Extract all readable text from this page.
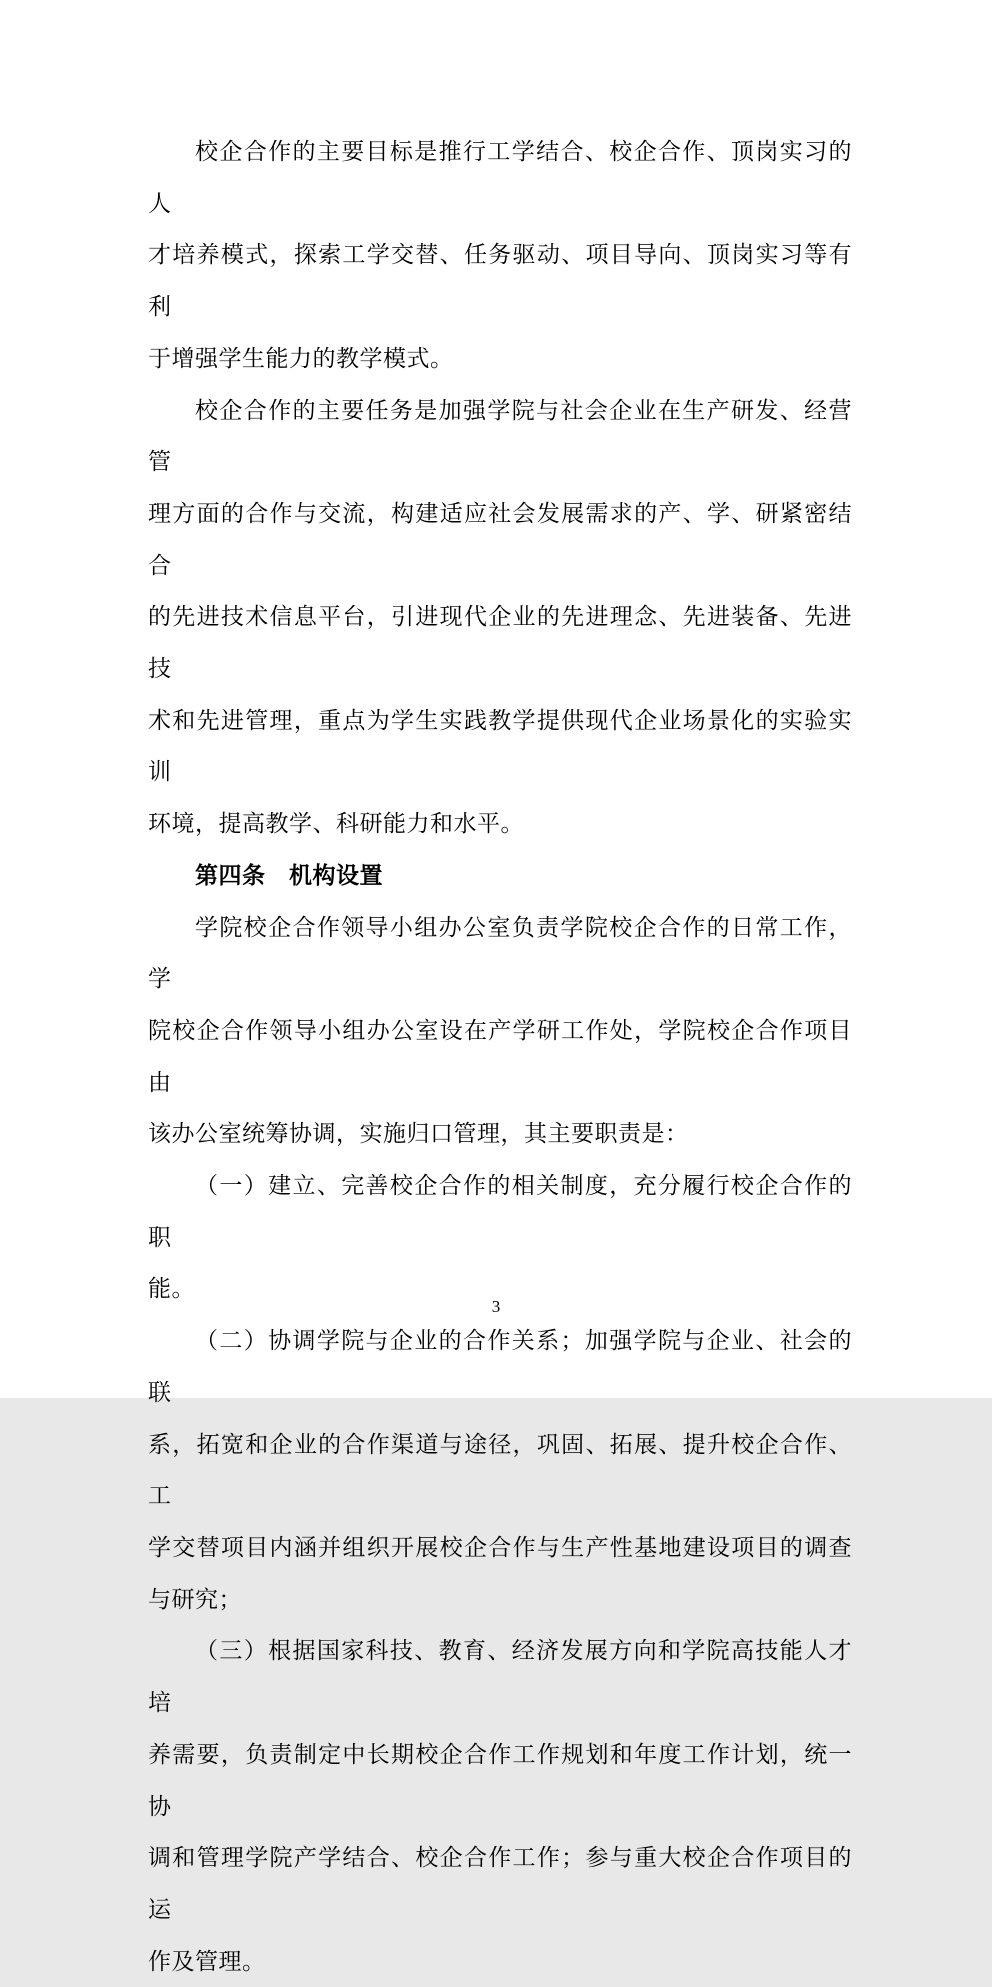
校企合作的主要目标是推行工学结合、校企合作、顶岗实习的人
才培养模式，探索工学交替、任务驱动、项目导向、顶岗实习等有利
于增强学生能力的教学模式。
校企合作的主要任务是加强学院与社会企业在生产研发、经营管
理方面的合作与交流，构建适应社会发展需求的产、学、研紧密结合
的先进技术信息平台，引进现代企业的先进理念、先进装备、先进技
术和先进管理，重点为学生实践教学提供现代企业场景化的实验实训
环境，提高教学、科研能力和水平。
第四条　机构设置
学院校企合作领导小组办公室负责学院校企合作的日常工作，学
院校企合作领导小组办公室设在产学研工作处，学院校企合作项目由
该办公室统筹协调，实施归口管理，其主要职责是：
（一）建立、完善校企合作的相关制度，充分履行校企合作的职
能。
（二）协调学院与企业的合作关系；加强学院与企业、社会的联
系，拓宽和企业的合作渠道与途径，巩固、拓展、提升校企合作、工
学交替项目内涵并组织开展校企合作与生产性基地建设项目的调查
与研究；
（三）根据国家科技、教育、经济发展方向和学院高技能人才培
养需要，负责制定中长期校企合作工作规划和年度工作计划，统一协
调和管理学院产学结合、校企合作工作；参与重大校企合作项目的运
作及管理。
3
